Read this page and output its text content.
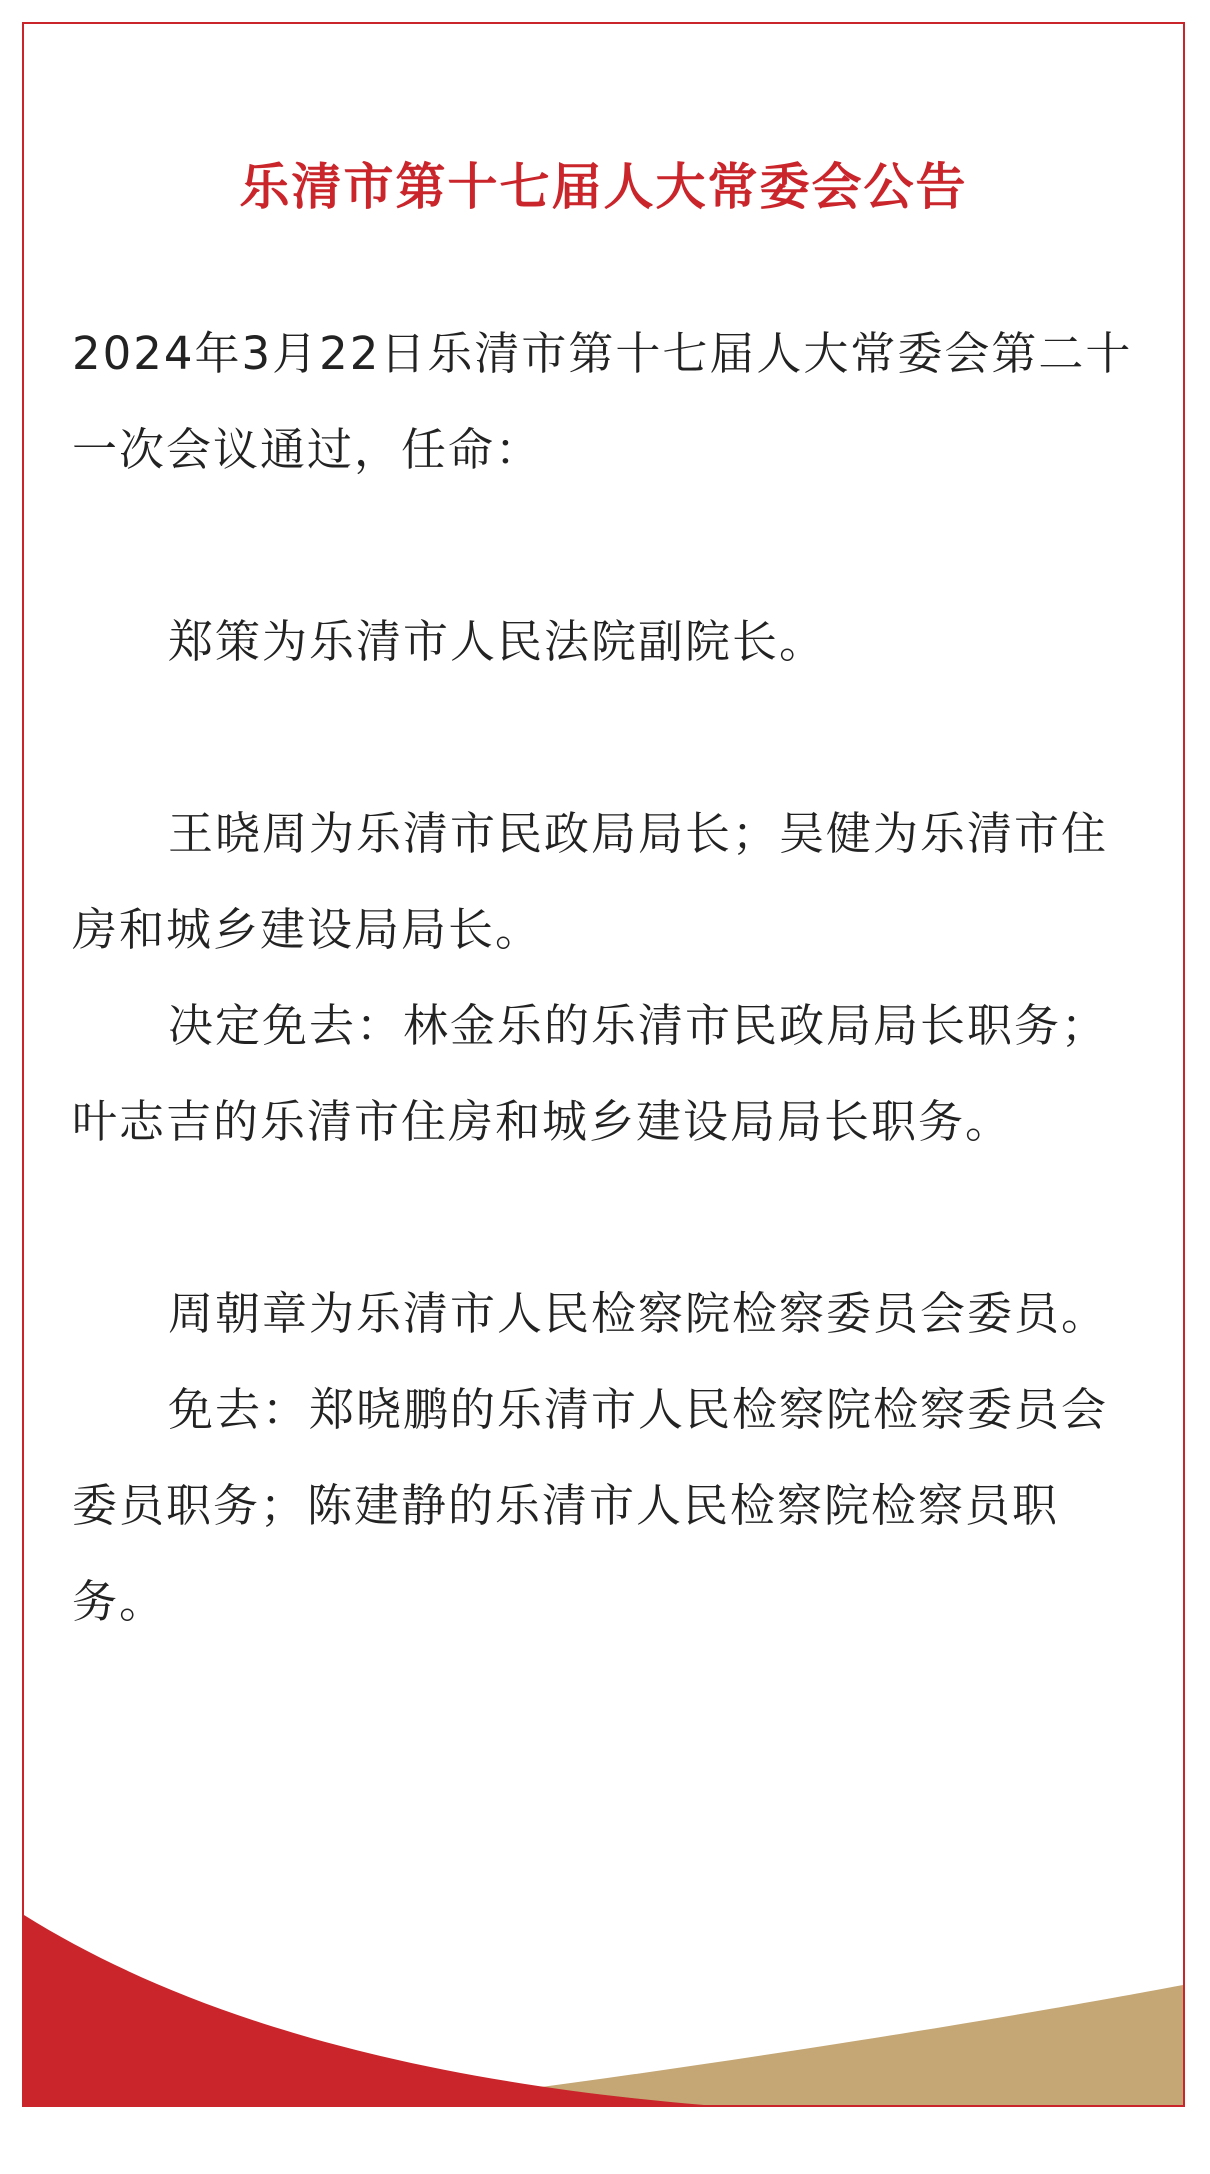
乐清市第十七届人大常委会公告

2024年3月22日乐清市第十七届人大常委会第二十一次会议通过，任命：

郑策为乐清市人民法院副院长。

王晓周为乐清市民政局局长；吴健为乐清市住房和城乡建设局局长。

决定免去：林金乐的乐清市民政局局长职务；叶志吉的乐清市住房和城乡建设局局长职务。

周朝章为乐清市人民检察院检察委员会委员。

免去：郑晓鹏的乐清市人民检察院检察委员会委员职务；陈建静的乐清市人民检察院检察员职务。
